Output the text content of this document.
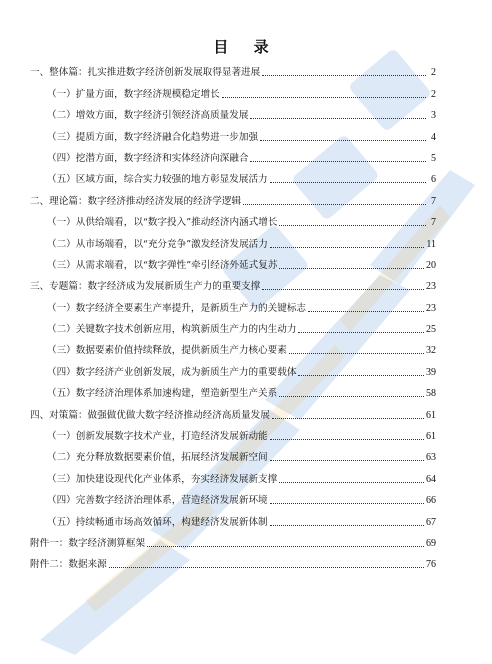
目 录
一、整体篇：扎实推进数字经济创新发展取得显著进展	2
（一）扩量方面，数字经济规模稳定增长	2
（二）增效方面，数字经济引领经济高质量发展	3
（三）提质方面，数字经济融合化趋势进一步加强	4
（四）挖潜方面，数字经济和实体经济向深融合	5
（五）区域方面，综合实力较强的地方彰显发展活力	6
二、理论篇：数字经济推动经济发展的经济学逻辑	7
（一）从供给端看，以“数字投入”推动经济内涵式增长	7
（二）从市场端看，以“充分竞争”激发经济发展活力	11
（三）从需求端看，以“数字弹性”牵引经济外延式复苏	20
三、专题篇：数字经济成为发展新质生产力的重要支撑	23
（一）数字经济全要素生产率提升，是新质生产力的关键标志	23
（二）关键数字技术创新应用，构筑新质生产力的内生动力	25
（三）数据要素价值持续释放，提供新质生产力核心要素	32
（四）数字经济产业创新发展，成为新质生产力的重要载体	39
（五）数字经济治理体系加速构建，塑造新型生产关系	58
四、对策篇：做强做优做大数字经济推动经济高质量发展	61
（一）创新发展数字技术产业，打造经济发展新动能	61
（二）充分释放数据要素价值，拓展经济发展新空间	63
（三）加快建设现代化产业体系，夯实经济发展新支撑	64
（四）完善数字经济治理体系，营造经济发展新环境	66
（五）持续畅通市场高效循环，构建经济发展新体制	67
附件一：数字经济测算框架	69
附件二：数据来源	76
